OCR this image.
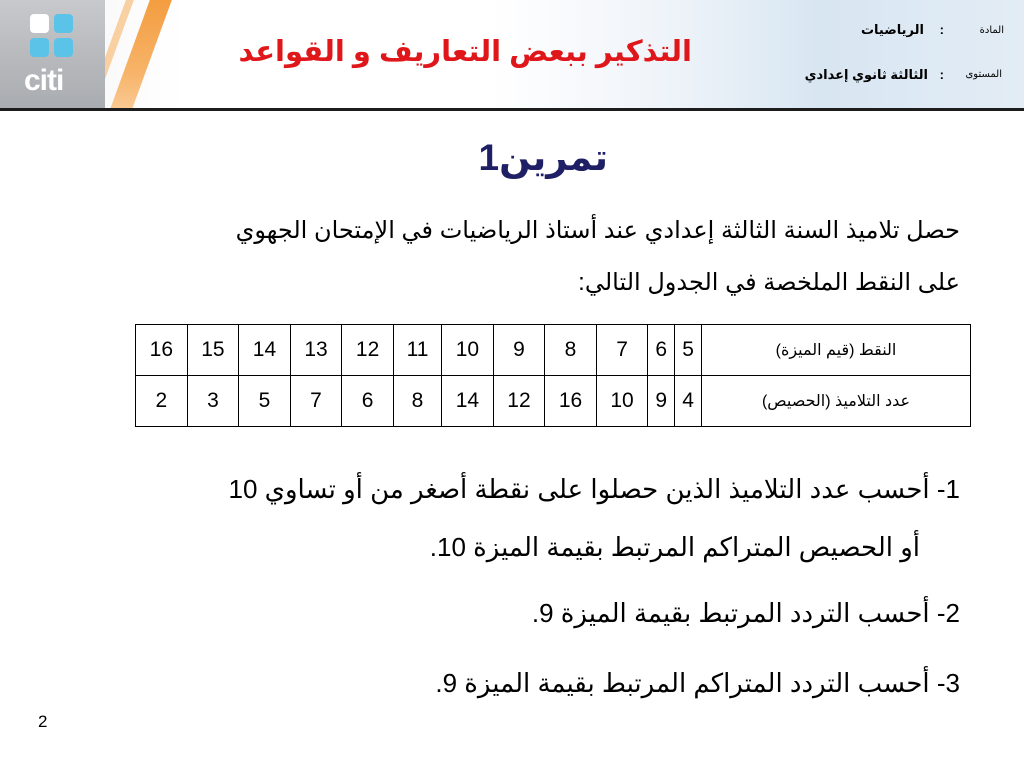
citi
التذكير ببعض التعاريف و القواعد
المادة
:
الرياضيات
المستوى
:
الثالثة ثانوي إعدادي
تمرين1
حصل تلاميذ السنة الثالثة إعدادي عند أستاذ الرياضيات في الإمتحان الجهوي
على النقط الملخصة في الجدول التالي:
النقط (قيم الميزة)	5	6	7	8	9	10	11	12	13	14	15	16
عدد التلاميذ (الحصيص)	4	9	10	16	12	14	8	6	7	5	3	2
1- أحسب عدد التلاميذ الذين حصلوا على نقطة أصغر من أو تساوي 10
أو الحصيص المتراكم المرتبط بقيمة الميزة 10.
2- أحسب التردد المرتبط بقيمة الميزة 9.
3- أحسب التردد المتراكم المرتبط بقيمة الميزة 9.
2
